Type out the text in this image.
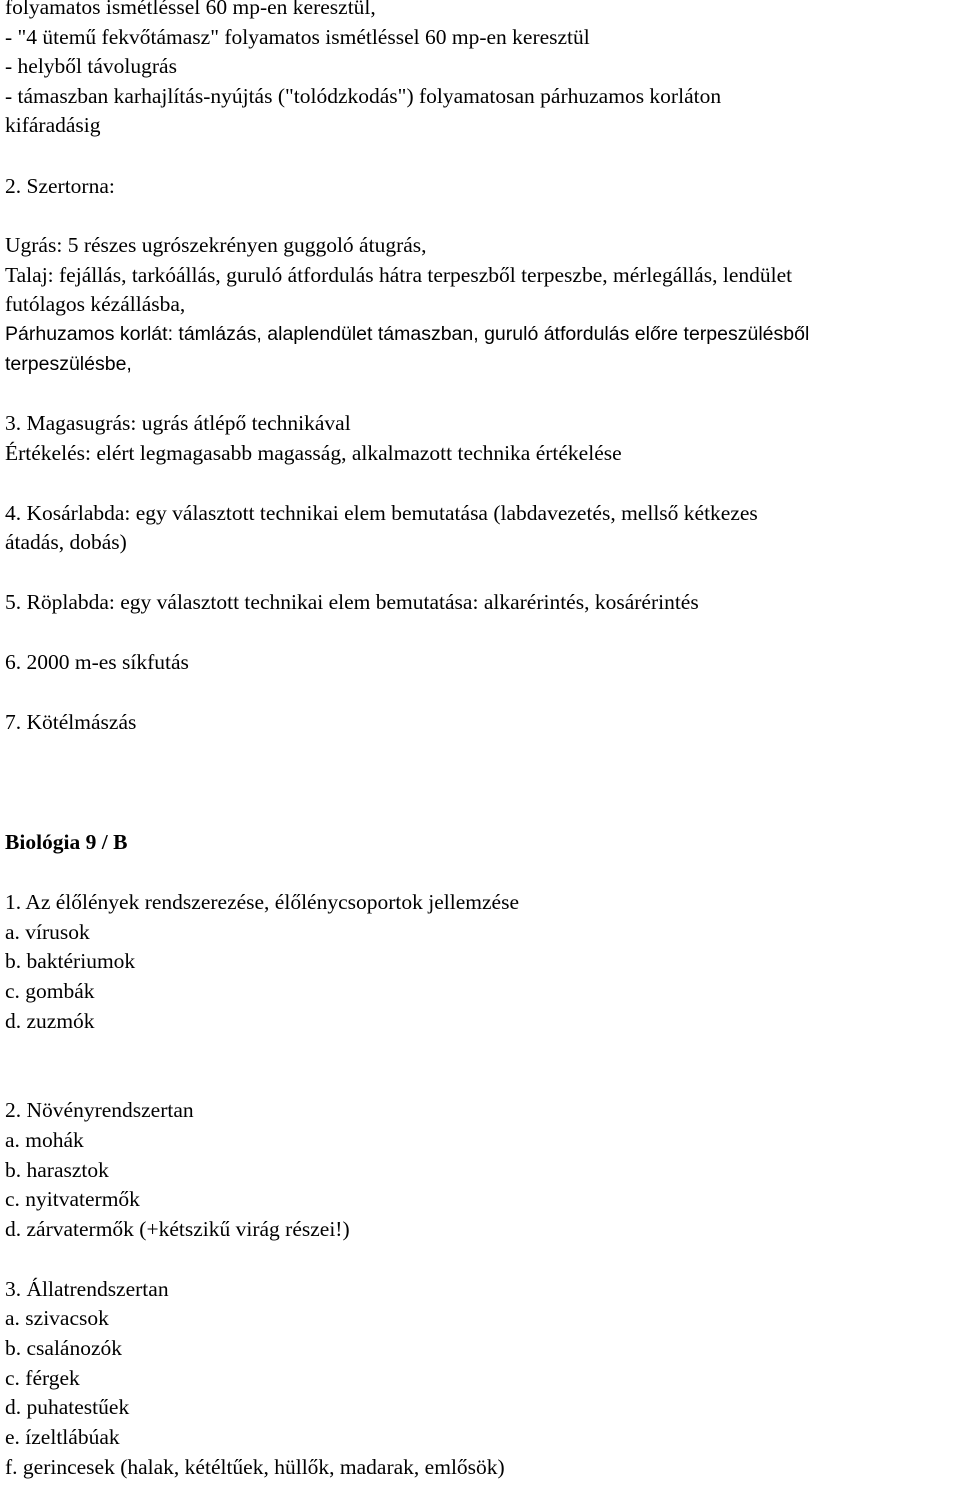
folyamatos ismétléssel 60 mp-en keresztül,
- "4 ütemű fekvőtámasz" folyamatos ismétléssel 60 mp-en keresztül
- helyből távolugrás
- támaszban karhajlítás-nyújtás ("tolódzkodás") folyamatosan párhuzamos korláton
kifáradásig
2. Szertorna:
Ugrás: 5 részes ugrószekrényen guggoló átugrás,
Talaj: fejállás, tarkóállás, guruló átfordulás hátra terpeszből terpeszbe, mérlegállás, lendület
futólagos kézállásba,
Párhuzamos korlát: támlázás, alaplendület támaszban, guruló átfordulás előre terpeszülésből
terpeszülésbe,
3. Magasugrás: ugrás átlépő technikával
Értékelés: elért legmagasabb magasság, alkalmazott technika értékelése
4. Kosárlabda: egy választott technikai elem bemutatása (labdavezetés, mellső kétkezes
átadás, dobás)
5. Röplabda: egy választott technikai elem bemutatása: alkarérintés, kosárérintés
6. 2000 m-es síkfutás
7. Kötélmászás
Biológia 9 / B
1. Az élőlények rendszerezése, élőlénycsoportok jellemzése
a. vírusok
b. baktériumok
c. gombák
d. zuzmók
2. Növényrendszertan
a. mohák
b. harasztok
c. nyitvatermők
d. zárvatermők (+kétszikű virág részei!)
3. Állatrendszertan
a. szivacsok
b. csalánozók
c. férgek
d. puhatestűek
e. ízeltlábúak
f. gerincesek (halak, kétéltűek, hüllők, madarak, emlősök)
